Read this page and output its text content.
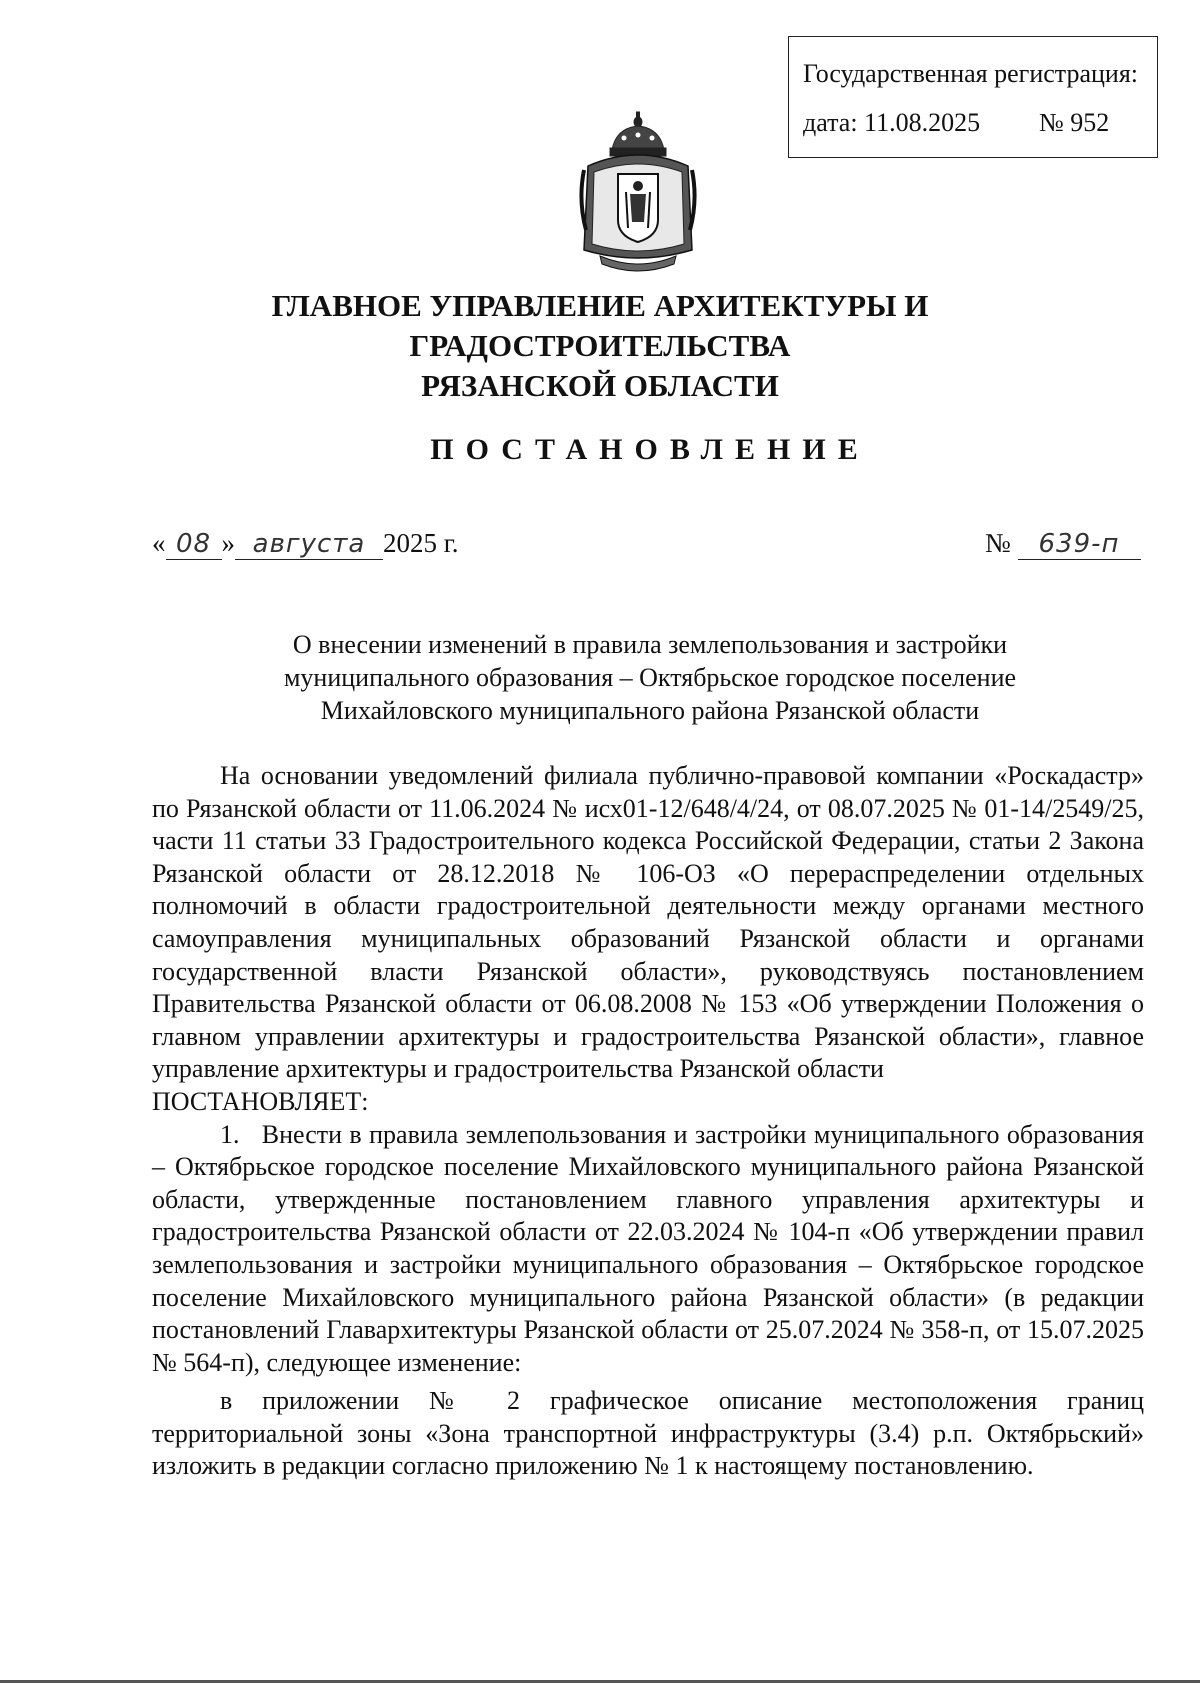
Государственная регистрация:
дата: 11.08.2025 № 952
ГЛАВНОЕ УПРАВЛЕНИЕ АРХИТЕКТУРЫ И ГРАДОСТРОИТЕЛЬСТВА
РЯЗАНСКОЙ ОБЛАСТИ
ПОСТАНОВЛЕНИЕ
« 08 » августа 2025 г.	№ 639-п
О внесении изменений в правила землепользования и застройки
муниципального образования – Октябрьское городское поселение
Михайловского муниципального района Рязанской области

На основании уведомлений филиала публично-правовой компании «Роскадастр» по Рязанской области от 11.06.2024 № исх01-12/648/4/24, от 08.07.2025 № 01-14/2549/25, части 11 статьи 33 Градостроительного кодекса Российской Федерации, статьи 2 Закона Рязанской области от 28.12.2018 № 106-ОЗ «О перераспределении отдельных полномочий в области градостроительной деятельности между органами местного самоуправления муниципальных образований Рязанской области и органами государственной власти Рязанской области», руководствуясь постановлением Правительства Рязанской области от 06.08.2008 № 153 «Об утверждении Положения о главном управлении архитектуры и градостроительства Рязанской области», главное управление архитектуры и градостроительства Рязанской области

ПОСТАНОВЛЯЕТ:

1. Внести в правила землепользования и застройки муниципального образования – Октябрьское городское поселение Михайловского муниципального района Рязанской области, утвержденные постановлением главного управления архитектуры и градостроительства Рязанской области от 22.03.2024 № 104-п «Об утверждении правил землепользования и застройки муниципального образования – Октябрьское городское поселение Михайловского муниципального района Рязанской области» (в редакции постановлений Главархитектуры Рязанской области от 25.07.2024 № 358-п, от 15.07.2025 № 564-п), следующее изменение:

в приложении № 2 графическое описание местоположения границ территориальной зоны «Зона транспортной инфраструктуры (3.4) р.п. Октябрьский» изложить в редакции согласно приложению № 1 к настоящему постановлению.
